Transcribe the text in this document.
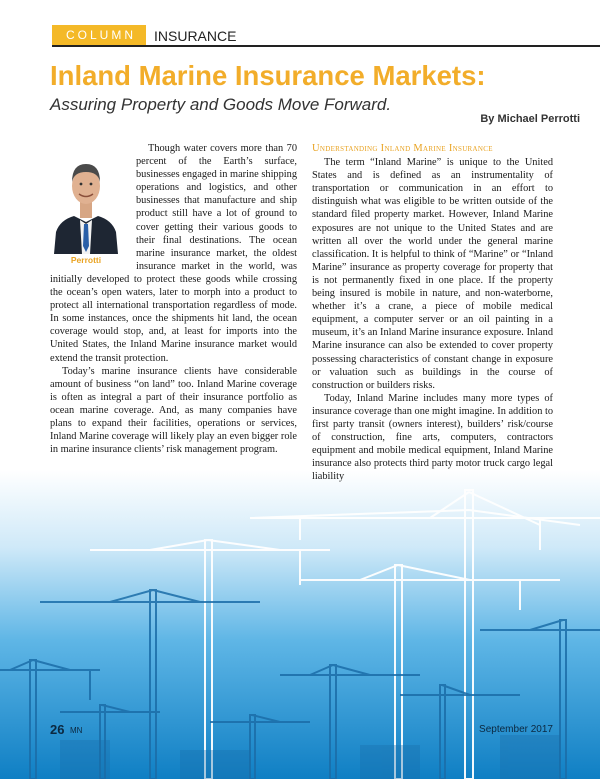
COLUMN	INSURANCE
Inland Marine Insurance Markets:
Assuring Property and Goods Move Forward.
By Michael Perrotti
Perrotti

Though water covers more than 70 percent of the Earth’s surface, businesses engaged in marine shipping operations and logistics, and other businesses that manufacture and ship product still have a lot of ground to cover getting their various goods to their final destinations. The ocean marine insurance market, the oldest insurance market in the world, was initially developed to protect these goods while crossing the ocean’s open waters, later to morph into a product to protect all international transportation regardless of mode. In some instances, once the shipments hit land, the ocean coverage would stop, and, at least for imports into the United States, the Inland Marine insurance market would extend the transit protection.

Today’s marine insurance clients have considerable amount of business “on land” too. Inland Marine coverage is often as integral a part of their insurance portfolio as ocean marine coverage. And, as many companies have plans to expand their facilities, operations or services, Inland Marine coverage will likely play an even bigger role in marine insurance clients’ risk management program.

Understanding Inland Marine Insurance

The term “Inland Marine” is unique to the United States and is defined as an instrumentality of transportation or communication in an effort to distinguish what was eligible to be written outside of the standard filed property market. However, Inland Marine exposures are not unique to the United States and are written all over the world under the general marine classification. It is helpful to think of “Marine” or “Inland Marine” insurance as property coverage for property that is not permanently fixed in one place. If the property being insured is mobile in nature, and non-waterborne, whether it’s a crane, a piece of mobile medical equipment, a computer server or an oil painting in a museum, it’s an Inland Marine insurance exposure. Inland Marine insurance can also be extended to cover property possessing characteristics of constant change in exposure or valuation such as buildings in the course of construction or builders risks.

Today, Inland Marine includes many more types of insurance coverage than one might imagine. In addition to first party transit (owners interest), builders’ risk/course of construction, fine arts, computers, contractors equipment and mobile medical equipment, Inland Marine insurance also protects third party motor truck cargo legal liability

26 MN	September 2017
